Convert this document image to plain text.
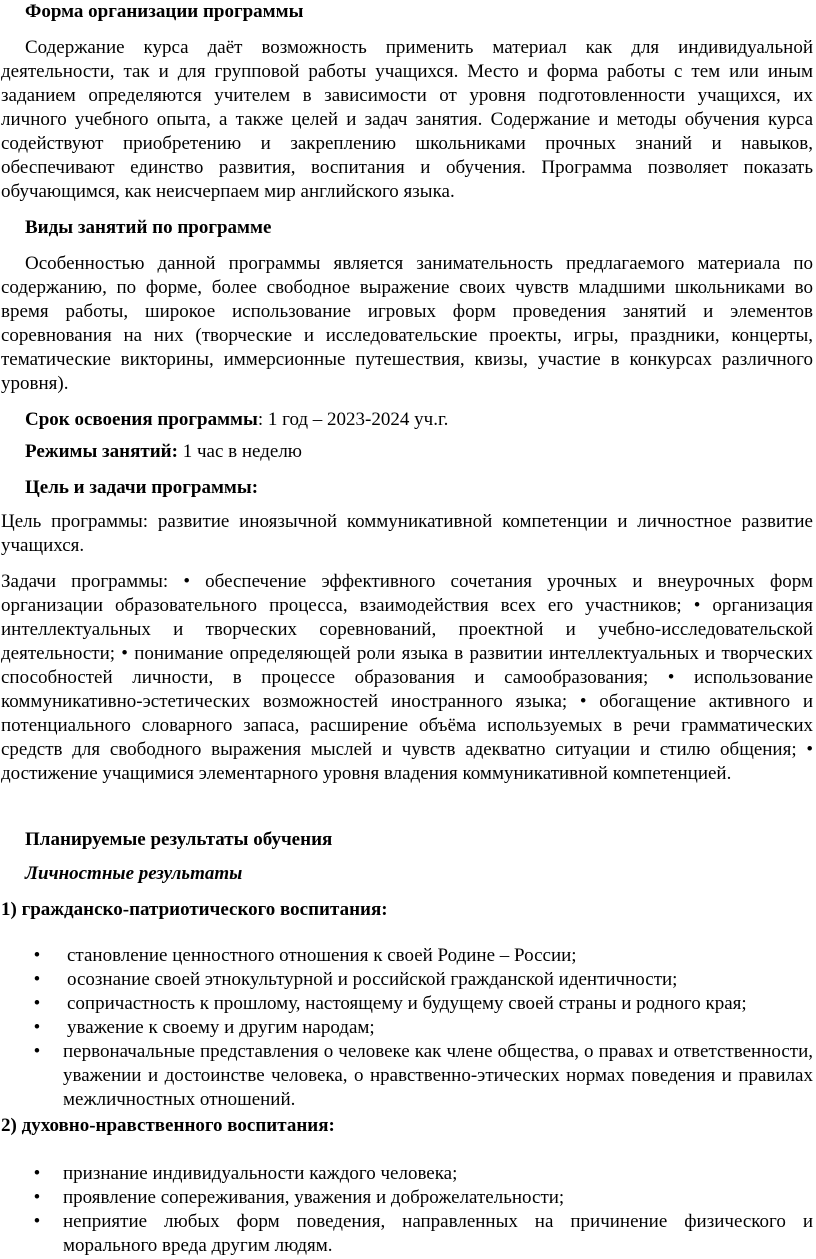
Форма организации программы

Содержание курса даёт возможность применить материал как для индивидуальной деятельности, так и для групповой работы учащихся. Место и форма работы с тем или иным заданием определяются учителем в зависимости от уровня подготовленности учащихся, их личного учебного опыта, а также целей и задач занятия. Содержание и методы обучения курса содействуют приобретению и закреплению школьниками прочных знаний и навыков, обеспечивают единство развития, воспитания и обучения. Программа позволяет показать обучающимся, как неисчерпаем мир английского языка.

Виды занятий по программе

Особенностью данной программы является занимательность предлагаемого материала по содержанию, по форме, более свободное выражение своих чувств младшими школьниками во время работы, широкое использование игровых форм проведения занятий и элементов соревнования на них (творческие и исследовательские проекты, игры, праздники, концерты, тематические викторины, иммерсионные путешествия, квизы, участие в конкурсах различного уровня).

Срок освоения программы: 1 год – 2023-2024 уч.г.

Режимы занятий: 1 час в неделю

Цель и задачи программы:

Цель программы: развитие иноязычной коммуникативной компетенции и личностное развитие учащихся.

Задачи программы: • обеспечение эффективного сочетания урочных и внеурочных форм организации образовательного процесса, взаимодействия всех его участников; • организация интеллектуальных и творческих соревнований, проектной и учебно-исследовательской деятельности; • понимание определяющей роли языка в развитии интеллектуальных и творческих способностей личности, в процессе образования и самообразования; • использование коммуникативно-эстетических возможностей иностранного языка; • обогащение активного и потенциального словарного запаса, расширение объёма используемых в речи грамматических средств для свободного выражения мыслей и чувств адекватно ситуации и стилю общения; • достижение учащимися элементарного уровня владения коммуникативной компетенцией.

Планируемые результаты обучения

Личностные результаты

1) гражданско-патриотического воспитания:

• становление ценностного отношения к своей Родине – России;
• осознание своей этнокультурной и российской гражданской идентичности;
• сопричастность к прошлому, настоящему и будущему своей страны и родного края;
• уважение к своему и другим народам;
• первоначальные представления о человеке как члене общества, о правах и ответственности, уважении и достоинстве человека, о нравственно-этических нормах поведения и правилах межличностных отношений.

2) духовно-нравственного воспитания:

• признание индивидуальности каждого человека;
• проявление сопереживания, уважения и доброжелательности;
• неприятие любых форм поведения, направленных на причинение физического и морального вреда другим людям.
